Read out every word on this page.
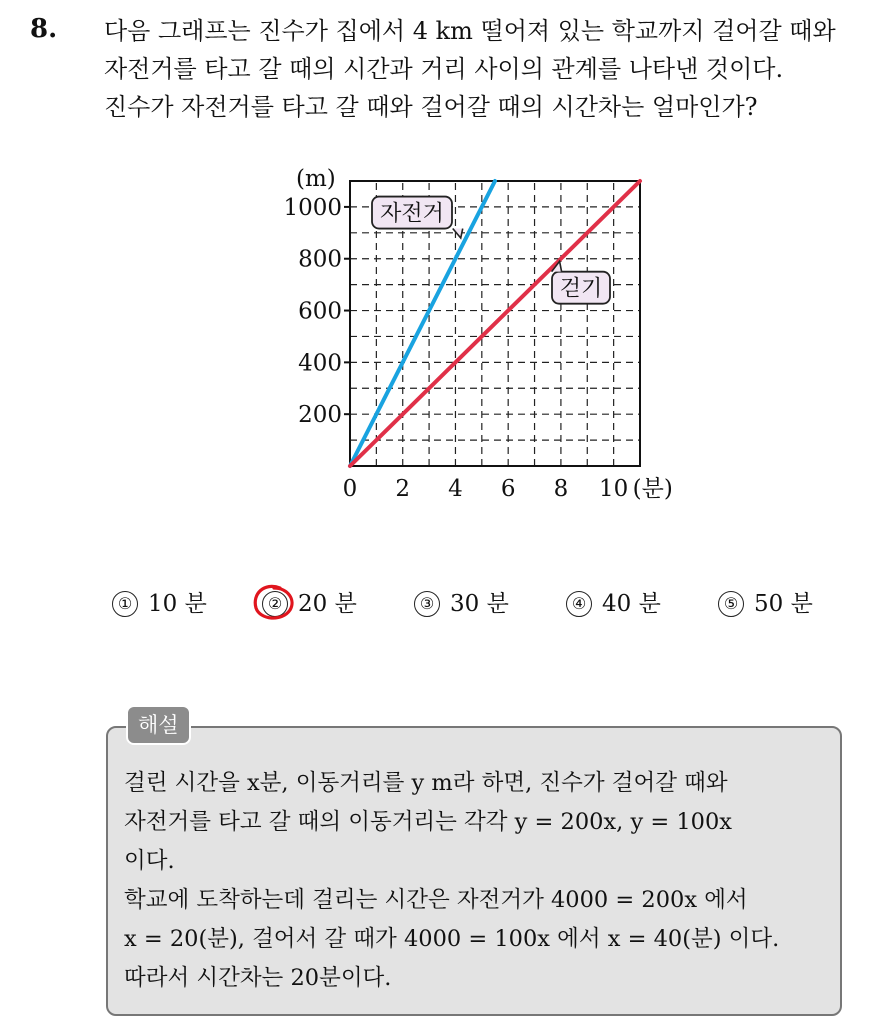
8. 다음 그래프는 진수가 집에서 4 km 떨어져 있는 학교까지 걸어갈 때와
자전거를 타고 갈 때의 시간과 거리 사이의 관계를 나타낸 것이다.
진수가 자전거를 타고 갈 때와 걸어갈 때의 시간차는 얼마인가?
200
400
600
800
1000
0 2 4 6 8 10
(m)
(분)
자전거
걷기
① 10 분	② 20 분	③ 30 분	④ 40 분	⑤ 50 분
해설
걸린 시간을 x분, 이동거리를 y m라 하면, 진수가 걸어갈 때와
자전거를 타고 갈 때의 이동거리는 각각 y = 200x, y = 100x
이다.
학교에 도착하는데 걸리는 시간은 자전거가 4000 = 200x 에서
x = 20(분), 걸어서 갈 때가 4000 = 100x 에서 x = 40(분) 이다.
따라서 시간차는 20분이다.
